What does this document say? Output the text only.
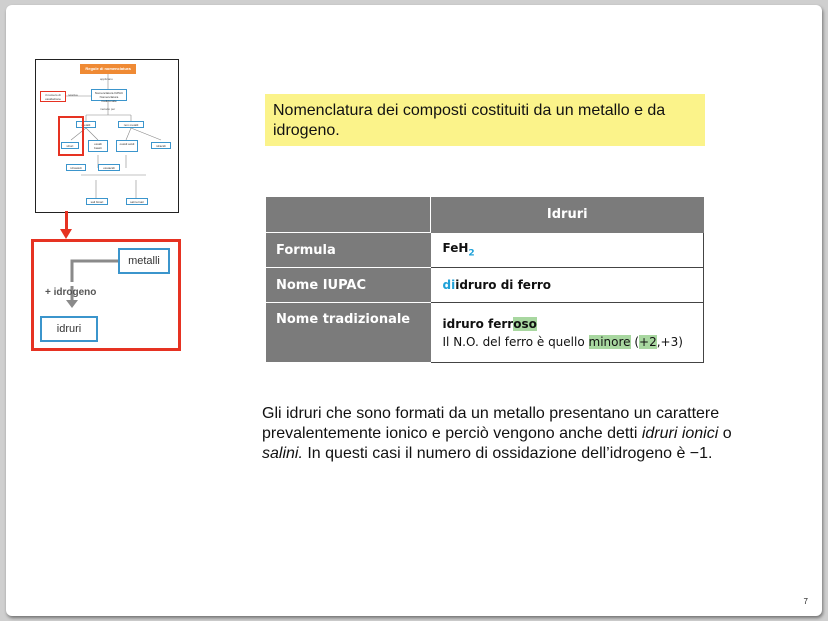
Regole di nomenclatura
applicano
il numero di ossidazione
relativa	Nomenclatura IUPAC Nomenclatura tradizionale
metodo per
metalli	non metalli
idruri	ossidi basici
ossidi acidi	idracidi
idrossidi	ossiacidi
sali binari	sali ternari
metalli
+ idrogeno
idruri
Nomenclatura dei composti costituiti da un metallo e da idrogeno.
	Idruri
Formula	FeH$_2$
Nome IUPAC	diidruro di ferro
Nome tradizionale	idruro ferroso
Il N.O. del ferro è quello minore (+2,+3)
Gli idruri che sono formati da un metallo presentano un carattere prevalentemente ionico e perciò vengono anche detti idruri ionici o salini. In questi casi il numero di ossidazione dell’idrogeno è −1.
7
